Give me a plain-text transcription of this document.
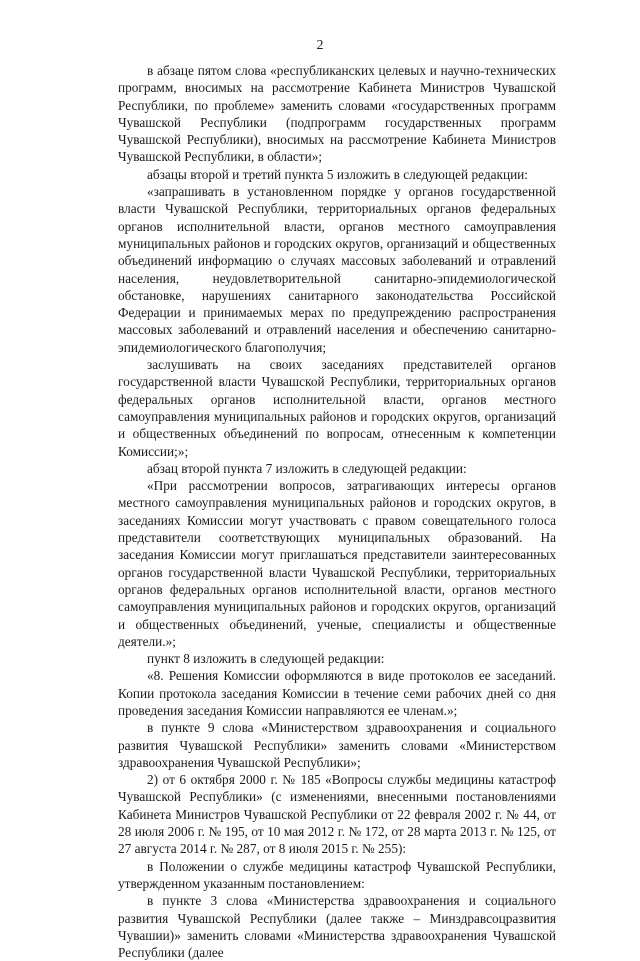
2

в абзаце пятом слова «республиканских целевых и научно-технических программ, вносимых на рассмотрение Кабинета Министров Чувашской Республики, по проблеме» заменить словами «государственных программ Чувашской Республики (подпрограмм государственных программ Чувашской Республики), вносимых на рассмотрение Кабинета Министров Чувашской Республики, в области»;

абзацы второй и третий пункта 5 изложить в следующей редакции:

«запрашивать в установленном порядке у органов государственной власти Чувашской Республики, территориальных органов федеральных органов исполнительной власти, органов местного самоуправления муниципальных районов и городских округов, организаций и общественных объединений информацию о случаях массовых заболеваний и отравлений населения, неудовлетворительной санитарно-эпидемиологической обстановке, нарушениях санитарного законодательства Российской Федерации и принимаемых мерах по предупреждению распространения массовых заболеваний и отравлений населения и обеспечению санитарно-эпидемиологического благополучия;

заслушивать на своих заседаниях представителей органов государственной власти Чувашской Республики, территориальных органов федеральных органов исполнительной власти, органов местного самоуправления муниципальных районов и городских округов, организаций и общественных объединений по вопросам, отнесенным к компетенции Комиссии;»;

абзац второй пункта 7 изложить в следующей редакции:

«При рассмотрении вопросов, затрагивающих интересы органов местного самоуправления муниципальных районов и городских округов, в заседаниях Комиссии могут участвовать с правом совещательного голоса представители соответствующих муниципальных образований. На заседания Комиссии могут приглашаться представители заинтересованных органов государственной власти Чувашской Республики, территориальных органов федеральных органов исполнительной власти, органов местного самоуправления муниципальных районов и городских округов, организаций и общественных объединений, ученые, специалисты и общественные деятели.»;

пункт 8 изложить в следующей редакции:

«8. Решения Комиссии оформляются в виде протоколов ее заседаний. Копии протокола заседания Комиссии в течение семи рабочих дней со дня проведения заседания Комиссии направляются ее членам.»;

в пункте 9 слова «Министерством здравоохранения и социального развития Чувашской Республики» заменить словами «Министерством здравоохранения Чувашской Республики»;

2) от 6 октября 2000 г. № 185 «Вопросы службы медицины катастроф Чувашской Республики» (с изменениями, внесенными постановлениями Кабинета Министров Чувашской Республики от 22 февраля 2002 г. № 44, от 28 июля 2006 г. № 195, от 10 мая 2012 г. № 172, от 28 марта 2013 г. № 125, от 27 августа 2014 г. № 287, от 8 июля 2015 г. № 255):

в Положении о службе медицины катастроф Чувашской Республики, утвержденном указанным постановлением:

в пункте 3 слова «Министерства здравоохранения и социального развития Чувашской Республики (далее также – Минздравсоцразвития Чувашии)» заменить словами «Министерства здравоохранения Чувашской Республики (далее
